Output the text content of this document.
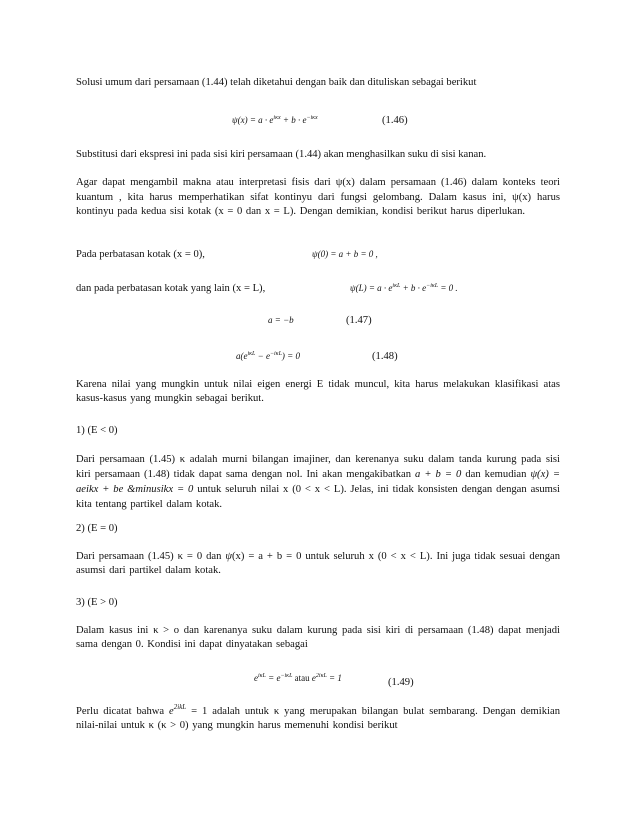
Solusi umum dari persamaan (1.44) telah diketahui dengan baik dan dituliskan sebagai berikut

$\psi(x) = a \cdot e^{i\kappa x} + b \cdot e^{-i\kappa x}$	(1.46)

Substitusi dari ekspresi ini pada sisi kiri persamaan (1.44) akan menghasilkan suku di sisi kanan.

Agar dapat mengambil makna atau interpretasi fisis dari ψ(x) dalam persamaan (1.46) dalam konteks teori kuantum , kita harus memperhatikan sifat kontinyu dari fungsi gelombang. Dalam kasus ini, ψ(x) harus kontinyu pada kedua sisi kotak (x = 0 dan x = L). Dengan demikian, kondisi berikut harus diperlukan.

Pada perbatasan kotak (x = 0),	ψ(0) = a + b = 0 ,

dan pada perbatasan kotak yang lain (x = L),	$\psi(L) = a \cdot e^{i\kappa L} + b \cdot e^{-i\kappa L} = 0$ .
a = −b	(1.47)
$a(e^{i\kappa L} - e^{-i\kappa L}) = 0$	(1.48)

Karena nilai yang mungkin untuk nilai eigen energi E tidak muncul, kita harus melakukan klasifikasi atas kasus-kasus yang mungkin sebagai berikut.

1) (E < 0)

Dari persamaan (1.45) κ adalah murni bilangan imajiner, dan kerenanya suku dalam tanda kurung pada sisi kiri persamaan (1.48) tidak dapat sama dengan nol. Ini akan mengakibatkan a + b = 0 dan kemudian ψ(x) = aeikx + be &minusikx = 0 untuk seluruh nilai x (0 < x < L). Jelas, ini tidak konsisten dengan dengan asumsi kita tentang partikel dalam kotak.

2) (E = 0)

Dari persamaan (1.45) κ = 0 dan ψ(x) = a + b = 0 untuk seluruh x (0 < x < L). Ini juga tidak sesuai dengan asumsi dari partikel dalam kotak.

3) (E > 0)

Dalam kasus ini κ > o dan karenanya suku dalam kurung pada sisi kiri di persamaan (1.48) dapat menjadi sama dengan 0. Kondisi ini dapat dinyatakan sebagai

$e^{i\kappa L} = e^{-i\kappa L}$ atau $e^{2i\kappa L} = 1$	(1.49)

Perlu dicatat bahwa $e^{2ikL} = 1$ adalah untuk κ yang merupakan bilangan bulat sembarang. Dengan demikian nilai-nilai untuk κ (κ > 0) yang mungkin harus memenuhi kondisi berikut
